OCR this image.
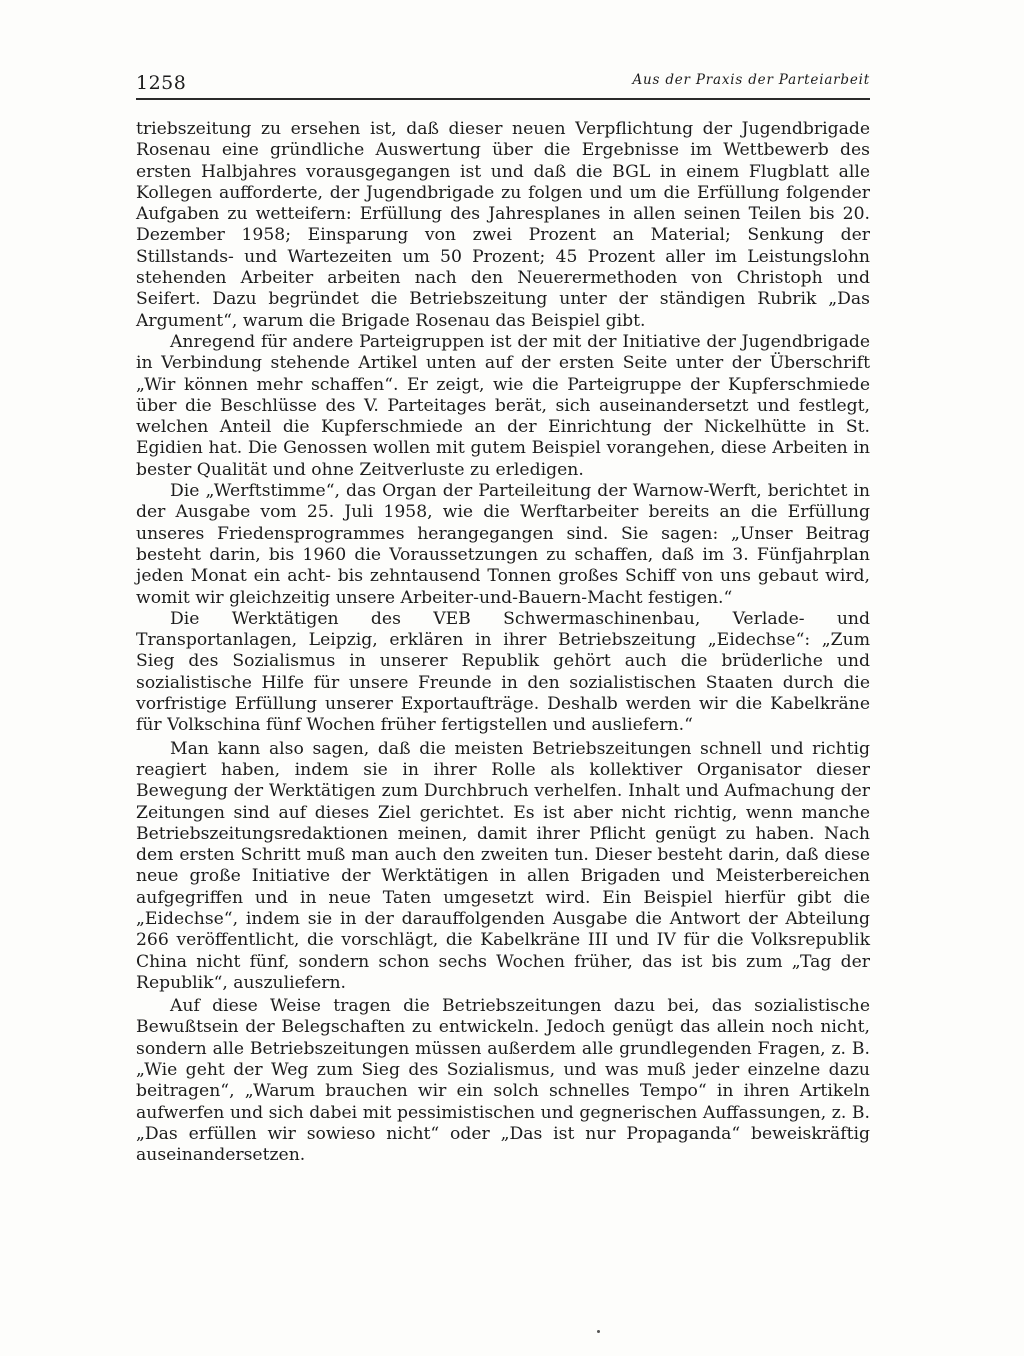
1258	Aus der Praxis der Parteiarbeit

triebszeitung zu ersehen ist, daß dieser neuen Verpflichtung der Jugendbrigade Rosenau eine gründliche Auswertung über die Ergebnisse im Wettbewerb des ersten Halbjahres vorausgegangen ist und daß die BGL in einem Flugblatt alle Kollegen aufforderte, der Jugendbrigade zu folgen und um die Erfüllung folgender Aufgaben zu wetteifern: Erfüllung des Jahresplanes in allen seinen Teilen bis 20. Dezember 1958; Einsparung von zwei Prozent an Material; Senkung der Stillstands- und Wartezeiten um 50 Prozent; 45 Prozent aller im Leistungslohn stehenden Arbeiter arbeiten nach den Neuerermethoden von Christoph und Seifert. Dazu begründet die Betriebszeitung unter der ständigen Rubrik „Das Argument“, warum die Brigade Rosenau das Beispiel gibt.

Anregend für andere Parteigruppen ist der mit der Initiative der Jugendbrigade in Verbindung stehende Artikel unten auf der ersten Seite unter der Überschrift „Wir können mehr schaffen“. Er zeigt, wie die Parteigruppe der Kupferschmiede über die Beschlüsse des V. Parteitages berät, sich auseinandersetzt und festlegt, welchen Anteil die Kupferschmiede an der Einrichtung der Nickelhütte in St. Egidien hat. Die Genossen wollen mit gutem Beispiel vorangehen, diese Arbeiten in bester Qualität und ohne Zeitverluste zu erledigen.

Die „Werftstimme“, das Organ der Parteileitung der Warnow-Werft, berichtet in der Ausgabe vom 25. Juli 1958, wie die Werftarbeiter bereits an die Erfüllung unseres Friedensprogrammes herangegangen sind. Sie sagen: „Unser Beitrag besteht darin, bis 1960 die Voraussetzungen zu schaffen, daß im 3. Fünfjahrplan jeden Monat ein acht- bis zehntausend Tonnen großes Schiff von uns gebaut wird, womit wir gleichzeitig unsere Arbeiter-und-Bauern-Macht festigen.“

Die Werktätigen des VEB Schwermaschinenbau, Verlade- und Transportanlagen, Leipzig, erklären in ihrer Betriebszeitung „Eidechse“: „Zum Sieg des Sozialismus in unserer Republik gehört auch die brüderliche und sozialistische Hilfe für unsere Freunde in den sozialistischen Staaten durch die vorfristige Erfüllung unserer Exportaufträge. Deshalb werden wir die Kabelkräne für Volkschina fünf Wochen früher fertigstellen und ausliefern.“

Man kann also sagen, daß die meisten Betriebszeitungen schnell und richtig reagiert haben, indem sie in ihrer Rolle als kollektiver Organisator dieser Bewegung der Werktätigen zum Durchbruch verhelfen. Inhalt und Aufmachung der Zeitungen sind auf dieses Ziel gerichtet. Es ist aber nicht richtig, wenn manche Betriebszeitungsredaktionen meinen, damit ihrer Pflicht genügt zu haben. Nach dem ersten Schritt muß man auch den zweiten tun. Dieser besteht darin, daß diese neue große Initiative der Werktätigen in allen Brigaden und Meisterbereichen aufgegriffen und in neue Taten umgesetzt wird. Ein Beispiel hierfür gibt die „Eidechse“, indem sie in der darauffolgenden Ausgabe die Antwort der Abteilung 266 veröffentlicht, die vorschlägt, die Kabelkräne III und IV für die Volksrepublik China nicht fünf, sondern schon sechs Wochen früher, das ist bis zum „Tag der Republik“, auszuliefern.

Auf diese Weise tragen die Betriebszeitungen dazu bei, das sozialistische Bewußtsein der Belegschaften zu entwickeln. Jedoch genügt das allein noch nicht, sondern alle Betriebszeitungen müssen außerdem alle grundlegenden Fragen, z. B. „Wie geht der Weg zum Sieg des Sozialismus, und was muß jeder einzelne dazu beitragen“, „Warum brauchen wir ein solch schnelles Tempo“ in ihren Artikeln aufwerfen und sich dabei mit pessimistischen und gegnerischen Auffassungen, z. B. „Das erfüllen wir sowieso nicht“ oder „Das ist nur Propaganda“ beweiskräftig auseinandersetzen.
